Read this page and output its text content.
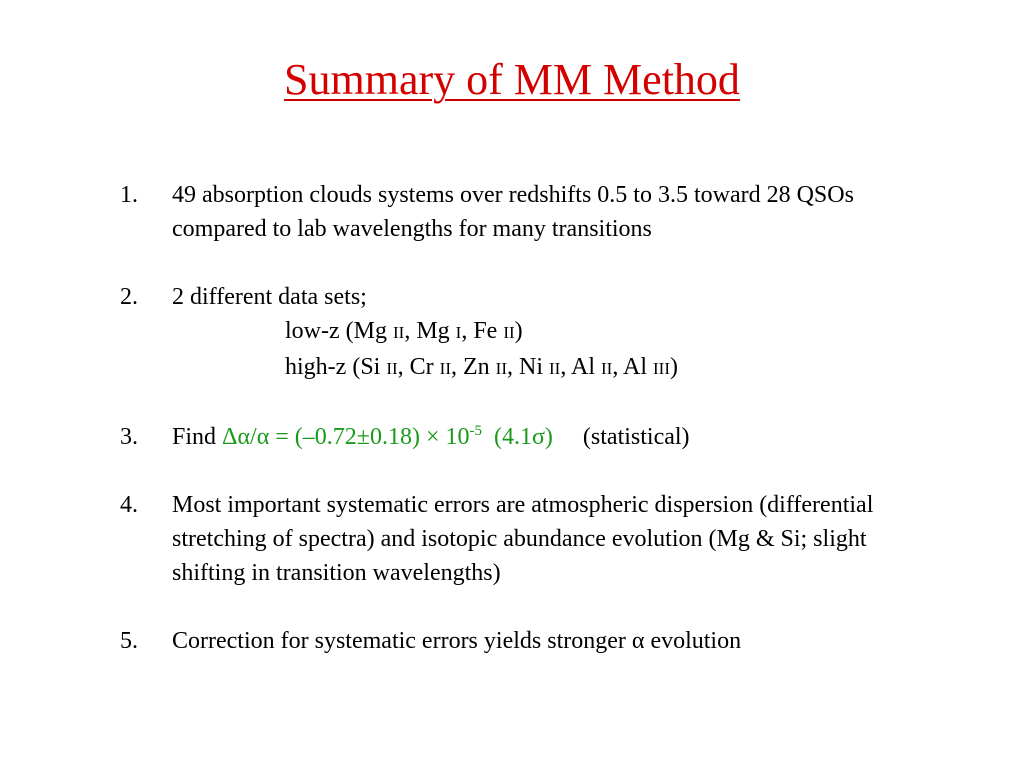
Summary of MM Method
1.	49 absorption clouds systems over redshifts 0.5 to 3.5 toward 28 QSOs compared to lab wavelengths for many transitions
2.	2 different data sets;
low-z (Mg II, Mg I, Fe II)
high-z (Si II, Cr II, Zn II, Ni II, Al II, Al III)
3.	Find $\Delta\alpha/\alpha = (-0.72\pm 0.18) \times 10^{-5}$ (4.1σ) (statistical)
4.	Most important systematic errors are atmospheric dispersion (differential stretching of spectra) and isotopic abundance evolution (Mg & Si; slight shifting in transition wavelengths)
5.	Correction for systematic errors yields stronger α evolution
